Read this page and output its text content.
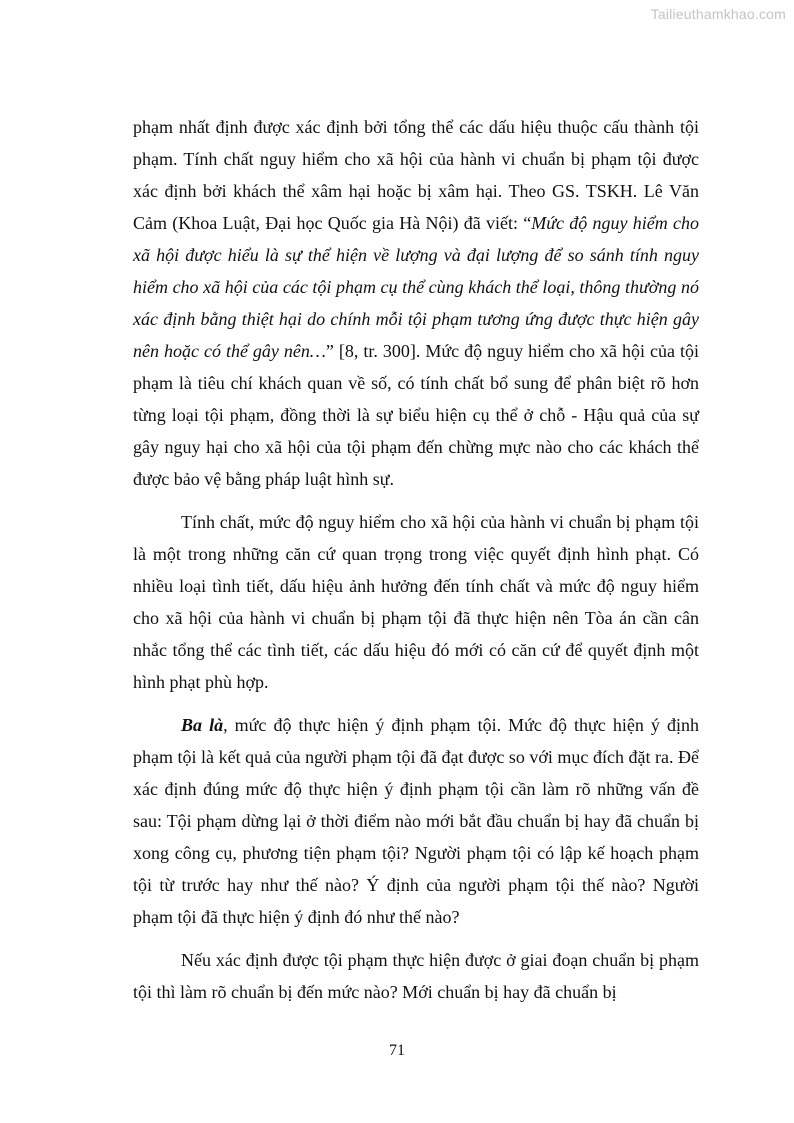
Tailieuthamkhao.com

phạm nhất định được xác định bởi tổng thể các dấu hiệu thuộc cấu thành tội phạm. Tính chất nguy hiểm cho xã hội của hành vi chuẩn bị phạm tội được xác định bởi khách thể xâm hại hoặc bị xâm hại. Theo GS. TSKH. Lê Văn Cảm (Khoa Luật, Đại học Quốc gia Hà Nội) đã viết: “Mức độ nguy hiểm cho xã hội được hiểu là sự thể hiện về lượng và đại lượng để so sánh tính nguy hiểm cho xã hội của các tội phạm cụ thể cùng khách thể loại, thông thường nó xác định bằng thiệt hại do chính mỗi tội phạm tương ứng được thực hiện gây nên hoặc có thể gây nên…” [8, tr. 300]. Mức độ nguy hiểm cho xã hội của tội phạm là tiêu chí khách quan về số, có tính chất bổ sung để phân biệt rõ hơn từng loại tội phạm, đồng thời là sự biểu hiện cụ thể ở chỗ - Hậu quả của sự gây nguy hại cho xã hội của tội phạm đến chừng mực nào cho các khách thể được bảo vệ bằng pháp luật hình sự.

Tính chất, mức độ nguy hiểm cho xã hội của hành vi chuẩn bị phạm tội là một trong những căn cứ quan trọng trong việc quyết định hình phạt. Có nhiều loại tình tiết, dấu hiệu ảnh hưởng đến tính chất và mức độ nguy hiểm cho xã hội của hành vi chuẩn bị phạm tội đã thực hiện nên Tòa án cần cân nhắc tổng thể các tình tiết, các dấu hiệu đó mới có căn cứ để quyết định một hình phạt phù hợp.

Ba là, mức độ thực hiện ý định phạm tội. Mức độ thực hiện ý định phạm tội là kết quả của người phạm tội đã đạt được so với mục đích đặt ra. Để xác định đúng mức độ thực hiện ý định phạm tội cần làm rõ những vấn đề sau: Tội phạm dừng lại ở thời điểm nào mới bắt đầu chuẩn bị hay đã chuẩn bị xong công cụ, phương tiện phạm tội? Người phạm tội có lập kế hoạch phạm tội từ trước hay như thế nào? Ý định của người phạm tội thế nào? Người phạm tội đã thực hiện ý định đó như thế nào?

Nếu xác định được tội phạm thực hiện được ở giai đoạn chuẩn bị phạm tội thì làm rõ chuẩn bị đến mức nào? Mới chuẩn bị hay đã chuẩn bị

71
